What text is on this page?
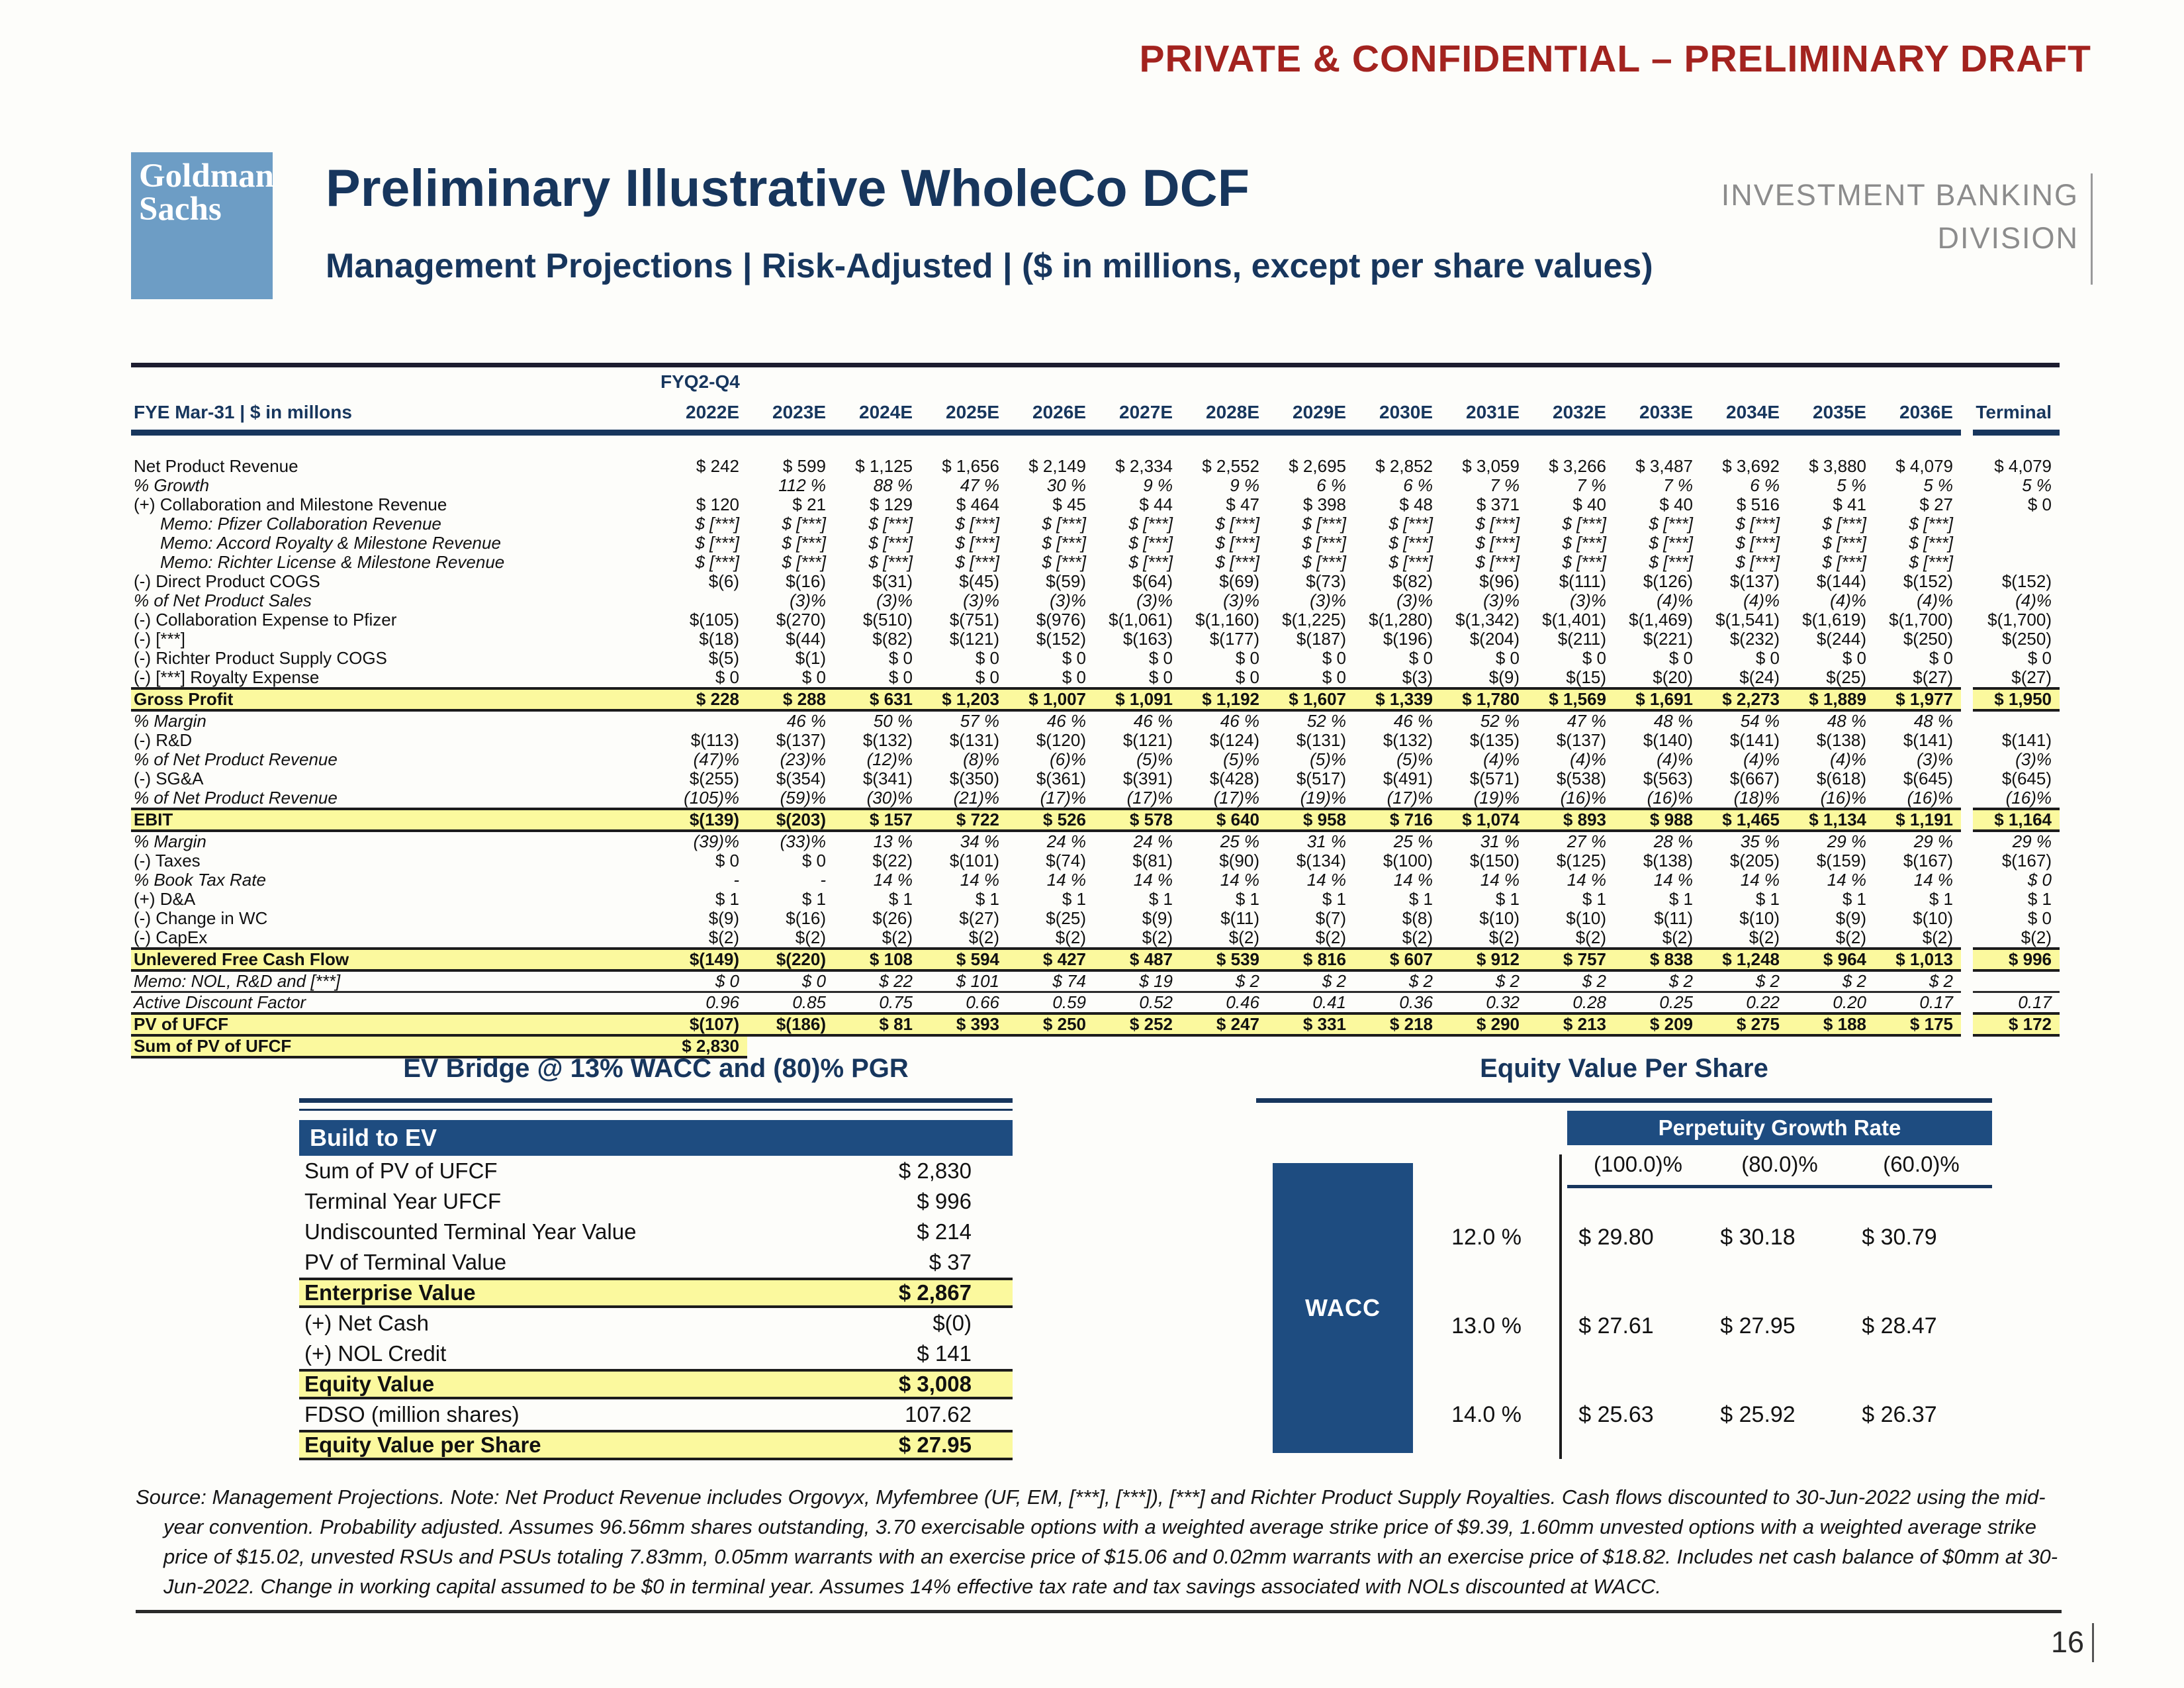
PRIVATE & CONFIDENTIAL – PRELIMINARY DRAFT
Goldman
Sachs	Preliminary Illustrative WholeCo DCF
Management Projections | Risk-Adjusted | ($ in millions, except per share values)
INVESTMENT BANKING
DIVISION
	FYQ2-Q4																
FYE Mar-31 | $ in millons	2022E	2023E	2024E	2025E	2026E	2027E	2028E	2029E	2030E	2031E	2032E	2033E	2034E	2035E	2036E		Terminal

Net Product Revenue	$ 242	$ 599	$ 1,125	$ 1,656	$ 2,149	$ 2,334	$ 2,552	$ 2,695	$ 2,852	$ 3,059	$ 3,266	$ 3,487	$ 3,692	$ 3,880	$ 4,079		$ 4,079
% Growth		112 %	88 %	47 %	30 %	9 %	9 %	6 %	6 %	7 %	7 %	7 %	6 %	5 %	5 %		5 %
(+) Collaboration and Milestone Revenue	$ 120	$ 21	$ 129	$ 464	$ 45	$ 44	$ 47	$ 398	$ 48	$ 371	$ 40	$ 40	$ 516	$ 41	$ 27		$ 0
Memo: Pfizer Collaboration Revenue	$ [***]	$ [***]	$ [***]	$ [***]	$ [***]	$ [***]	$ [***]	$ [***]	$ [***]	$ [***]	$ [***]	$ [***]	$ [***]	$ [***]	$ [***]		
Memo: Accord Royalty & Milestone Revenue	$ [***]	$ [***]	$ [***]	$ [***]	$ [***]	$ [***]	$ [***]	$ [***]	$ [***]	$ [***]	$ [***]	$ [***]	$ [***]	$ [***]	$ [***]		
Memo: Richter License & Milestone Revenue	$ [***]	$ [***]	$ [***]	$ [***]	$ [***]	$ [***]	$ [***]	$ [***]	$ [***]	$ [***]	$ [***]	$ [***]	$ [***]	$ [***]	$ [***]		
(-) Direct Product COGS	$(6)	$(16)	$(31)	$(45)	$(59)	$(64)	$(69)	$(73)	$(82)	$(96)	$(111)	$(126)	$(137)	$(144)	$(152)		$(152)
% of Net Product Sales		(3)%	(3)%	(3)%	(3)%	(3)%	(3)%	(3)%	(3)%	(3)%	(3)%	(4)%	(4)%	(4)%	(4)%		(4)%
(-) Collaboration Expense to Pfizer	$(105)	$(270)	$(510)	$(751)	$(976)	$(1,061)	$(1,160)	$(1,225)	$(1,280)	$(1,342)	$(1,401)	$(1,469)	$(1,541)	$(1,619)	$(1,700)		$(1,700)
(-) [***]	$(18)	$(44)	$(82)	$(121)	$(152)	$(163)	$(177)	$(187)	$(196)	$(204)	$(211)	$(221)	$(232)	$(244)	$(250)		$(250)
(-) Richter Product Supply COGS	$(5)	$(1)	$ 0	$ 0	$ 0	$ 0	$ 0	$ 0	$ 0	$ 0	$ 0	$ 0	$ 0	$ 0	$ 0		$ 0
(-) [***] Royalty Expense	$ 0	$ 0	$ 0	$ 0	$ 0	$ 0	$ 0	$ 0	$(3)	$(9)	$(15)	$(20)	$(24)	$(25)	$(27)		$(27)
Gross Profit	$ 228	$ 288	$ 631	$ 1,203	$ 1,007	$ 1,091	$ 1,192	$ 1,607	$ 1,339	$ 1,780	$ 1,569	$ 1,691	$ 2,273	$ 1,889	$ 1,977		$ 1,950
% Margin		46 %	50 %	57 %	46 %	46 %	46 %	52 %	46 %	52 %	47 %	48 %	54 %	48 %	48 %		
(-) R&D	$(113)	$(137)	$(132)	$(131)	$(120)	$(121)	$(124)	$(131)	$(132)	$(135)	$(137)	$(140)	$(141)	$(138)	$(141)		$(141)
% of Net Product Revenue	(47)%	(23)%	(12)%	(8)%	(6)%	(5)%	(5)%	(5)%	(5)%	(4)%	(4)%	(4)%	(4)%	(4)%	(3)%		(3)%
(-) SG&A	$(255)	$(354)	$(341)	$(350)	$(361)	$(391)	$(428)	$(517)	$(491)	$(571)	$(538)	$(563)	$(667)	$(618)	$(645)		$(645)
% of Net Product Revenue	(105)%	(59)%	(30)%	(21)%	(17)%	(17)%	(17)%	(19)%	(17)%	(19)%	(16)%	(16)%	(18)%	(16)%	(16)%		(16)%
EBIT	$(139)	$(203)	$ 157	$ 722	$ 526	$ 578	$ 640	$ 958	$ 716	$ 1,074	$ 893	$ 988	$ 1,465	$ 1,134	$ 1,191		$ 1,164
% Margin	(39)%	(33)%	13 %	34 %	24 %	24 %	25 %	31 %	25 %	31 %	27 %	28 %	35 %	29 %	29 %		29 %
(-) Taxes	$ 0	$ 0	$(22)	$(101)	$(74)	$(81)	$(90)	$(134)	$(100)	$(150)	$(125)	$(138)	$(205)	$(159)	$(167)		$(167)
% Book Tax Rate	-	-	14 %	14 %	14 %	14 %	14 %	14 %	14 %	14 %	14 %	14 %	14 %	14 %	14 %		$ 0
(+) D&A	$ 1	$ 1	$ 1	$ 1	$ 1	$ 1	$ 1	$ 1	$ 1	$ 1	$ 1	$ 1	$ 1	$ 1	$ 1		$ 1
(-) Change in WC	$(9)	$(16)	$(26)	$(27)	$(25)	$(9)	$(11)	$(7)	$(8)	$(10)	$(10)	$(11)	$(10)	$(9)	$(10)		$ 0
(-) CapEx	$(2)	$(2)	$(2)	$(2)	$(2)	$(2)	$(2)	$(2)	$(2)	$(2)	$(2)	$(2)	$(2)	$(2)	$(2)		$(2)
Unlevered Free Cash Flow	$(149)	$(220)	$ 108	$ 594	$ 427	$ 487	$ 539	$ 816	$ 607	$ 912	$ 757	$ 838	$ 1,248	$ 964	$ 1,013		$ 996
Memo: NOL, R&D and [***]	$ 0	$ 0	$ 22	$ 101	$ 74	$ 19	$ 2	$ 2	$ 2	$ 2	$ 2	$ 2	$ 2	$ 2	$ 2		
Active Discount Factor	0.96	0.85	0.75	0.66	0.59	0.52	0.46	0.41	0.36	0.32	0.28	0.25	0.22	0.20	0.17		0.17
PV of UFCF	$(107)	$(186)	$ 81	$ 393	$ 250	$ 252	$ 247	$ 331	$ 218	$ 290	$ 213	$ 209	$ 275	$ 188	$ 175		$ 172
Sum of PV of UFCF	$ 2,830																
EV Bridge @ 13% WACC and (80)% PGR
Build to EV
Sum of PV of UFCF	$ 2,830
Terminal Year UFCF	$ 996
Undiscounted Terminal Year Value	$ 214
PV of Terminal Value	$ 37
Enterprise Value	$ 2,867
(+) Net Cash	$(0)
(+) NOL Credit	$ 141
Equity Value	$ 3,008
FDSO (million shares)	107.62
Equity Value per Share	$ 27.95
Equity Value Per Share
Perpetuity Growth Rate
(100.0)%	(80.0)%	(60.0)%
WACC
12.0 %	$ 29.80	$ 30.18	$ 30.79
13.0 %	$ 27.61	$ 27.95	$ 28.47
14.0 %	$ 25.63	$ 25.92	$ 26.37
Source: Management Projections. Note: Net Product Revenue includes Orgovyx, Myfembree (UF, EM, [***], [***]), [***] and Richter Product Supply Royalties. Cash flows discounted to 30-Jun-2022 using the mid-year convention. Probability adjusted. Assumes 96.56mm shares outstanding, 3.70 exercisable options with a weighted average strike price of $9.39, 1.60mm unvested options with a weighted average strike price of $15.02, unvested RSUs and PSUs totaling 7.83mm, 0.05mm warrants with an exercise price of $15.06 and 0.02mm warrants with an exercise price of $18.82. Includes net cash balance of $0mm at 30-Jun-2022. Change in working capital assumed to be $0 in terminal year. Assumes 14% effective tax rate and tax savings associated with NOLs discounted at WACC.
16
